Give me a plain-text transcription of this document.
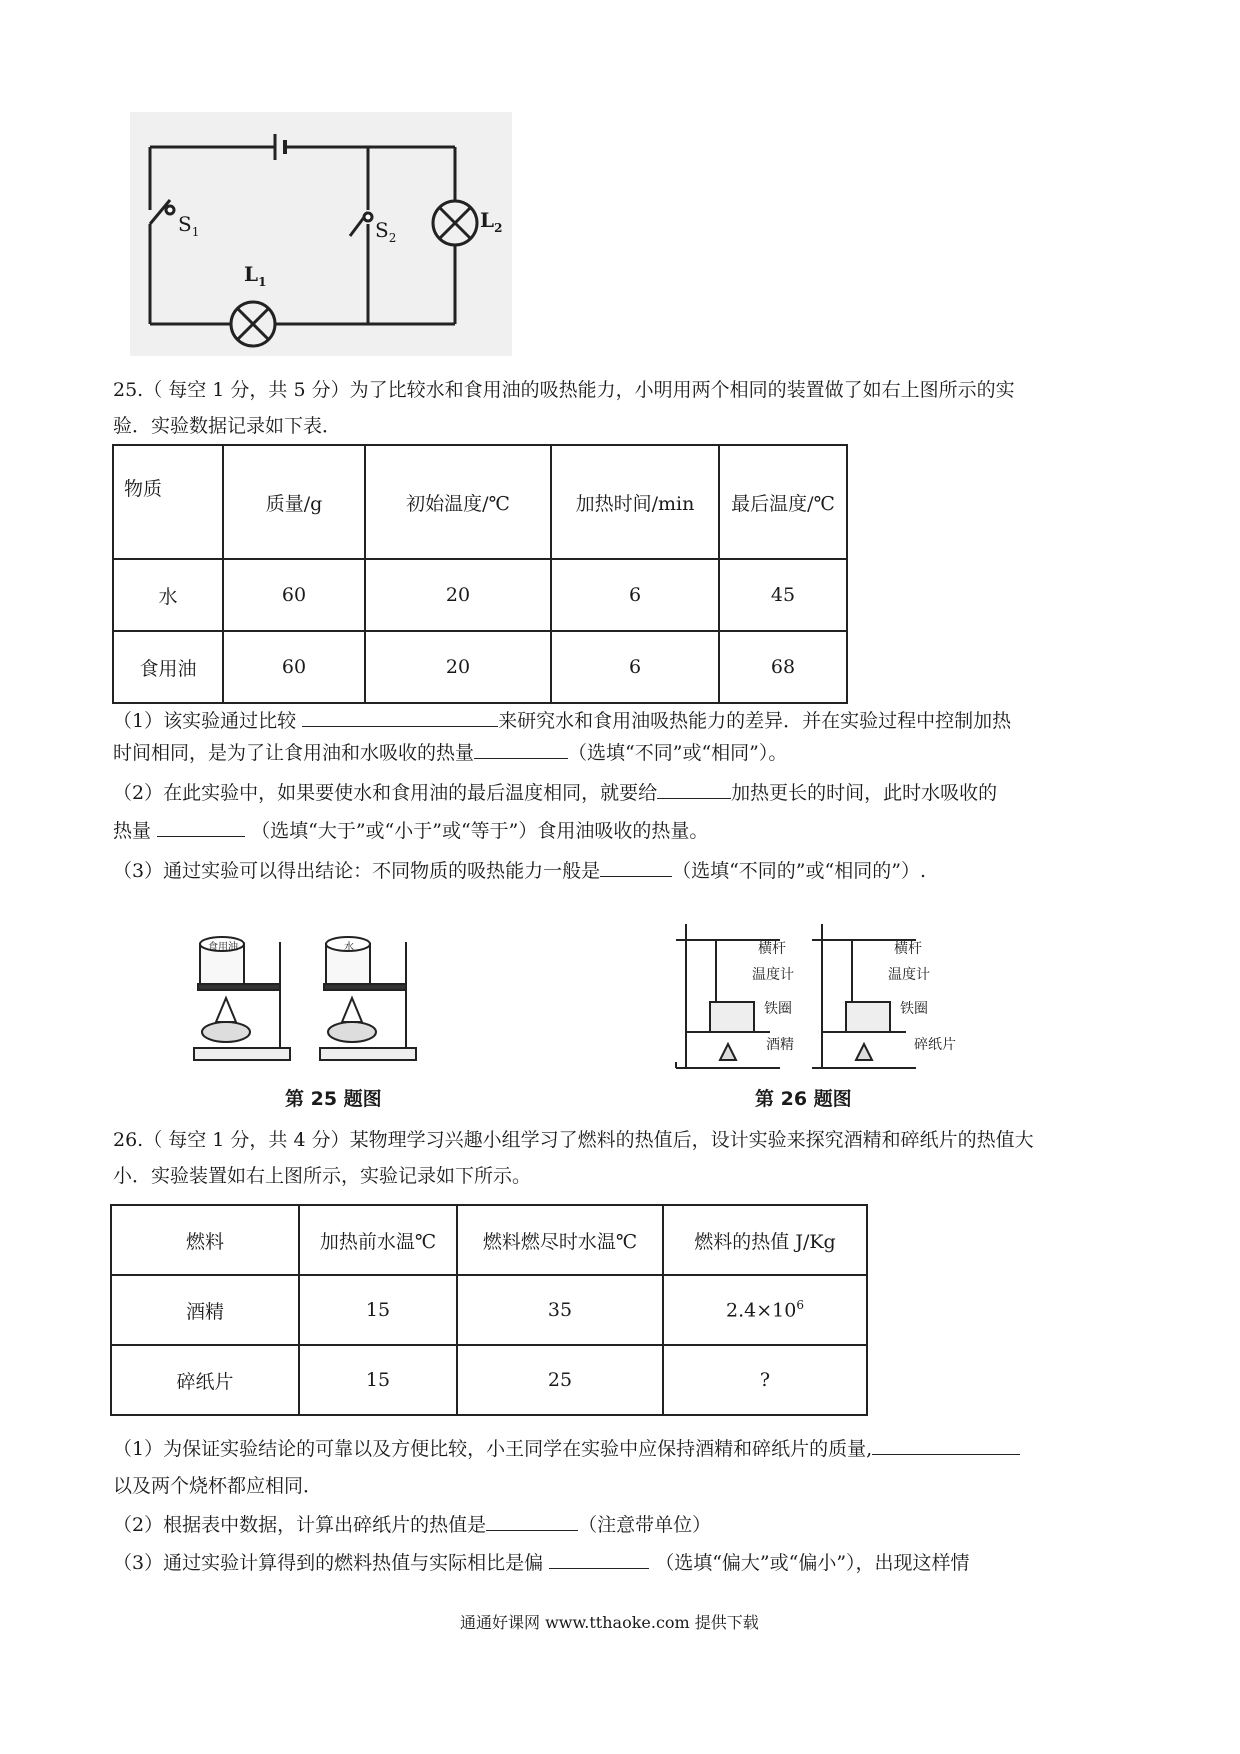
$S_1$	$S_2$
$L_1$
$L_2$
25.（ 每空 1 分，共 5 分）为了比较水和食用油的吸热能力，小明用两个相同的装置做了如右上图所示的实
验．实验数据记录如下表．
物质	质量/g	初始温度/℃	加热时间/min	最后温度/℃
水	60	20	6	45
食用油	60	20	6	68
（1）该实验通过比较	来研究水和食用油吸热能力的差异．并在实验过程中控制加热
时间相同，是为了让食用油和水吸收的热量	（选填“不同”或“相同”）。
（2）在此实验中，如果要使水和食用油的最后温度相同，就要给	加热更长的时间，此时水吸收的
热量	（选填“大于”或“小于”或“等于”）食用油吸收的热量。
（3）通过实验可以得出结论：不同物质的吸热能力一般是	（选填“不同的”或“相同的”）.
食用油	水
第 25 题图
横杆
温度计
铁圈
酒精
横杆
温度计
铁圈
碎纸片
第 26 题图
26.（ 每空 1 分，共 4 分）某物理学习兴趣小组学习了燃料的热值后，设计实验来探究酒精和碎纸片的热值大
小．实验装置如右上图所示，实验记录如下所示。
燃料	加热前水温℃	燃料燃尽时水温℃	燃料的热值 J/Kg
酒精	15	35	$2.4\times 10^6$
碎纸片	15	25	?
（1）为保证实验结论的可靠以及方便比较，小王同学在实验中应保持酒精和碎纸片的质量,
以及两个烧杯都应相同．
（2）根据表中数据，计算出碎纸片的热值是	（注意带单位）
（3）通过实验计算得到的燃料热值与实际相比是偏	（选填“偏大”或“偏小”），出现这样情
通通好课网 www.tthaoke.com 提供下载
